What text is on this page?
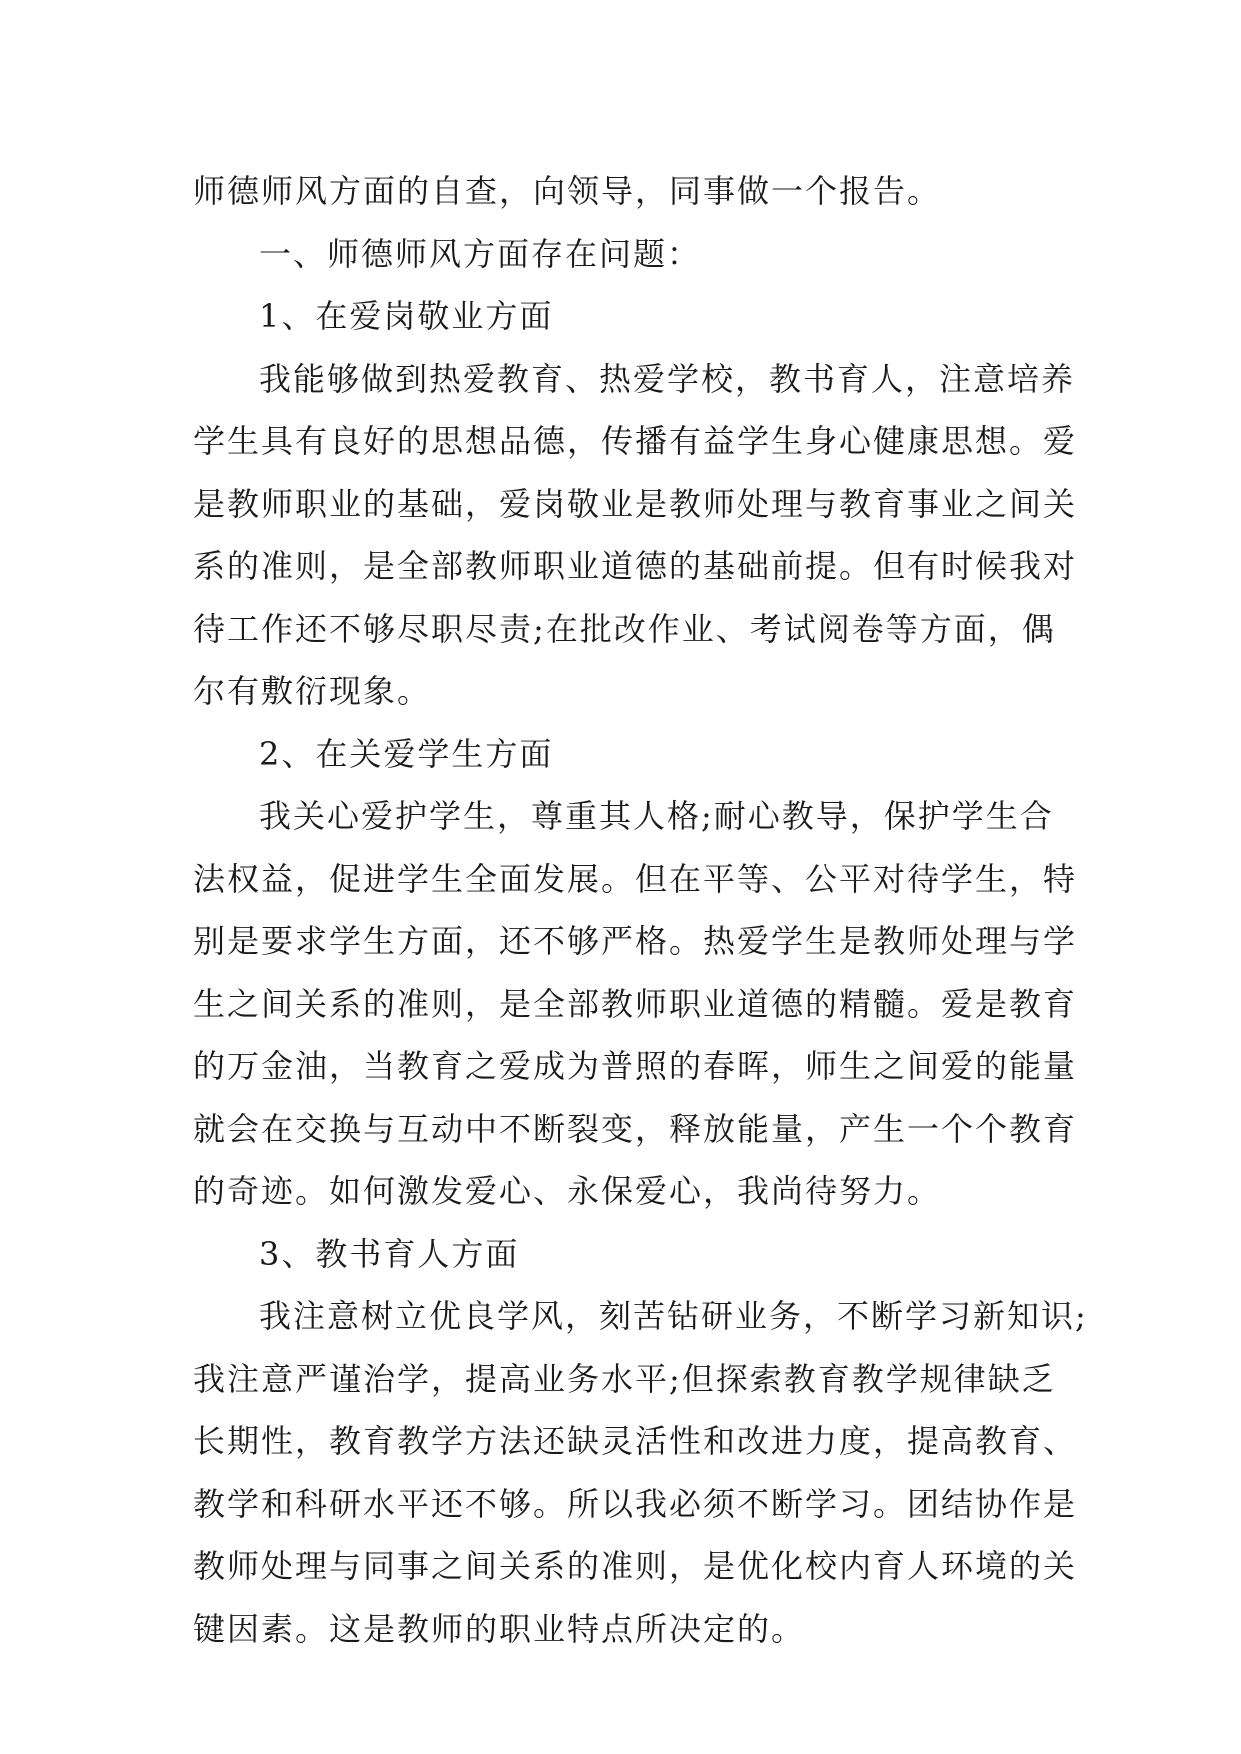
师德师风方面的自查，向领导，同事做一个报告。
一、师德师风方面存在问题：
1、在爱岗敬业方面
我能够做到热爱教育、热爱学校，教书育人，注意培养
学生具有良好的思想品德，传播有益学生身心健康思想。爱
是教师职业的基础，爱岗敬业是教师处理与教育事业之间关
系的准则，是全部教师职业道德的基础前提。但有时候我对
待工作还不够尽职尽责;在批改作业、考试阅卷等方面，偶
尔有敷衍现象。
2、在关爱学生方面
我关心爱护学生，尊重其人格;耐心教导，保护学生合
法权益，促进学生全面发展。但在平等、公平对待学生，特
别是要求学生方面，还不够严格。热爱学生是教师处理与学
生之间关系的准则，是全部教师职业道德的精髓。爱是教育
的万金油，当教育之爱成为普照的春晖，师生之间爱的能量
就会在交换与互动中不断裂变，释放能量，产生一个个教育
的奇迹。如何激发爱心、永保爱心，我尚待努力。
3、教书育人方面
我注意树立优良学风，刻苦钻研业务，不断学习新知识;
我注意严谨治学，提高业务水平;但探索教育教学规律缺乏
长期性，教育教学方法还缺灵活性和改进力度，提高教育、
教学和科研水平还不够。所以我必须不断学习。团结协作是
教师处理与同事之间关系的准则，是优化校内育人环境的关
键因素。这是教师的职业特点所决定的。
